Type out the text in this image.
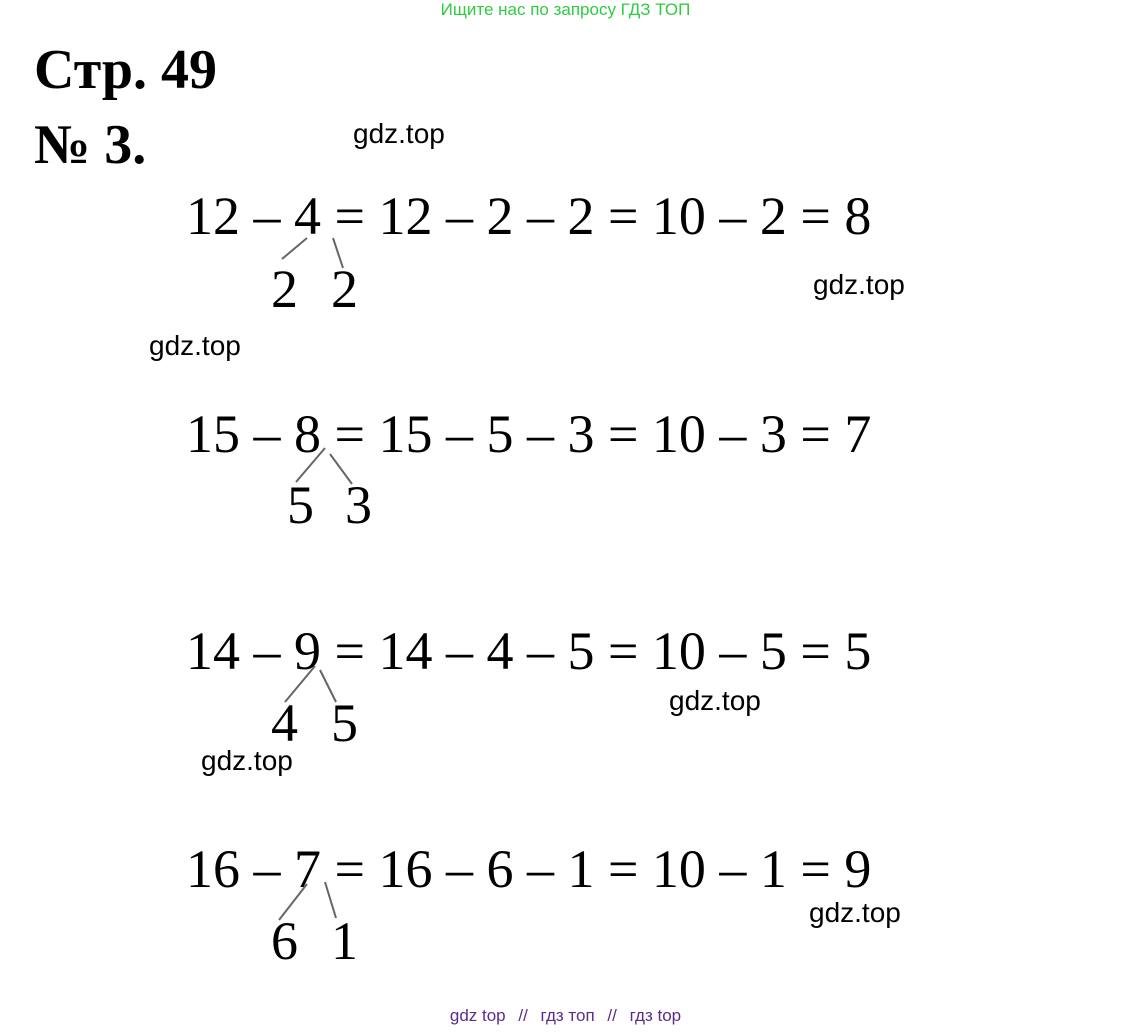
Ищите нас по запросу ГДЗ ТОП
Стр. 49
№ 3.	gdz.top
gdz.top
gdz.top
gdz.top
gdz.top
gdz.top
12 – 4 = 12 – 2 – 2 = 10 – 2 = 8
2 2
15 – 8 = 15 – 5 – 3 = 10 – 3 = 7
5 3
14 – 9 = 14 – 4 – 5 = 10 – 5 = 5
4 5
16 – 7 = 16 – 6 – 1 = 10 – 1 = 9
6 1
gdz top // гдз топ // гдз top
